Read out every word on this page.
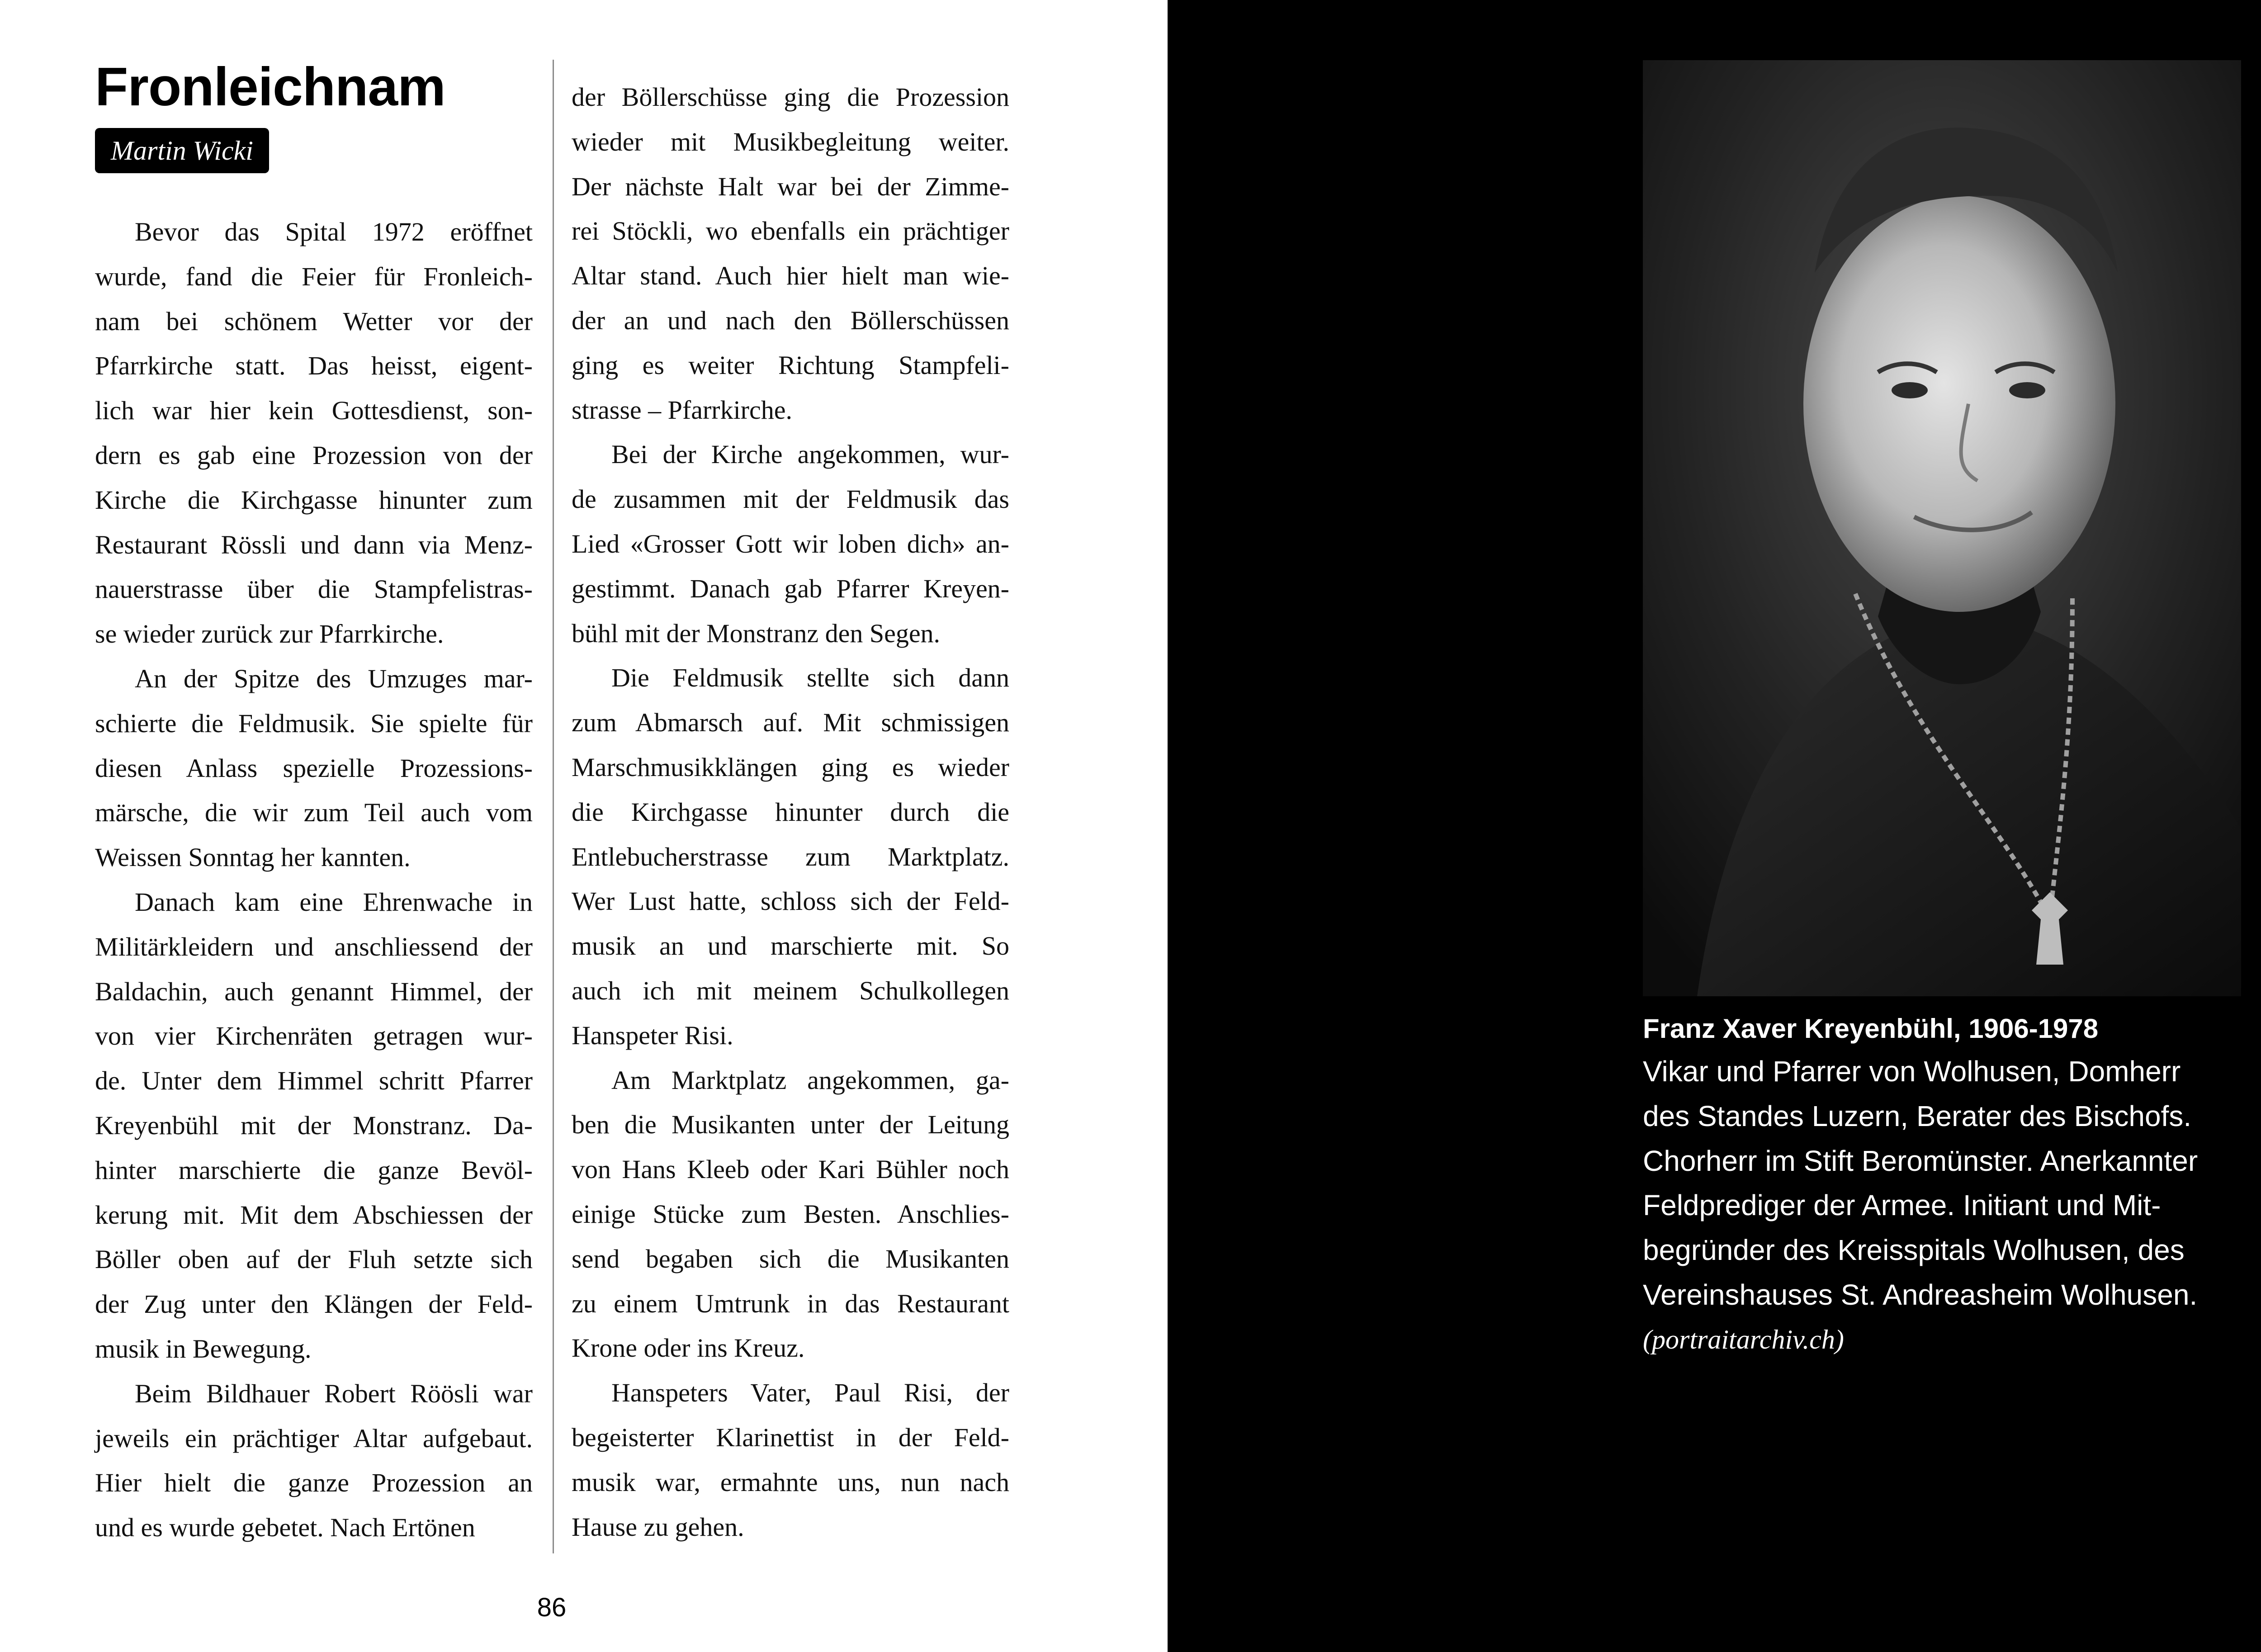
Fronleichnam
Martin Wicki

Bevor das Spital 1972 eröffnet
wurde, fand die Feier für Fronleich-
nam bei schönem Wetter vor der
Pfarrkirche statt. Das heisst, eigent-
lich war hier kein Gottesdienst, son-
dern es gab eine Prozession von der
Kirche die Kirchgasse hinunter zum
Restaurant Rössli und dann via Menz-
nauerstrasse über die Stampfelistras-
se wieder zurück zur Pfarrkirche.

An der Spitze des Umzuges mar-
schierte die Feldmusik. Sie spielte für
diesen Anlass spezielle Prozessions-
märsche, die wir zum Teil auch vom
Weissen Sonntag her kannten.

Danach kam eine Ehrenwache in
Militärkleidern und anschliessend der
Baldachin, auch genannt Himmel, der
von vier Kirchenräten getragen wur-
de. Unter dem Himmel schritt Pfarrer
Kreyenbühl mit der Monstranz. Da-
hinter marschierte die ganze Bevöl-
kerung mit. Mit dem Abschiessen der
Böller oben auf der Fluh setzte sich
der Zug unter den Klängen der Feld-
musik in Bewegung.

Beim Bildhauer Robert Röösli war
jeweils ein prächtiger Altar aufgebaut.
Hier hielt die ganze Prozession an
und es wurde gebetet. Nach Ertönen

der Böllerschüsse ging die Prozession
wieder mit Musikbegleitung weiter.
Der nächste Halt war bei der Zimme-
rei Stöckli, wo ebenfalls ein prächtiger
Altar stand. Auch hier hielt man wie-
der an und nach den Böllerschüssen
ging es weiter Richtung Stampfeli-
strasse – Pfarrkirche.

Bei der Kirche angekommen, wur-
de zusammen mit der Feldmusik das
Lied «Grosser Gott wir loben dich» an-
gestimmt. Danach gab Pfarrer Kreyen-
bühl mit der Monstranz den Segen.

Die Feldmusik stellte sich dann
zum Abmarsch auf. Mit schmissigen
Marschmusikklängen ging es wieder
die Kirchgasse hinunter durch die
Entlebucherstrasse zum Marktplatz.
Wer Lust hatte, schloss sich der Feld-
musik an und marschierte mit. So
auch ich mit meinem Schulkollegen
Hanspeter Risi.

Am Marktplatz angekommen, ga-
ben die Musikanten unter der Leitung
von Hans Kleeb oder Kari Bühler noch
einige Stücke zum Besten. Anschlies-
send begaben sich die Musikanten
zu einem Umtrunk in das Restaurant
Krone oder ins Kreuz.

Hanspeters Vater, Paul Risi, der
begeisterter Klarinettist in der Feld-
musik war, ermahnte uns, nun nach
Hause zu gehen.

86
Franz Xaver Kreyenbühl, 1906-1978
Vikar und Pfarrer von Wolhusen, Domherr
des Standes Luzern, Berater des Bischofs.
Chorherr im Stift Beromünster. Anerkannter
Feldprediger der Armee. Initiant und Mit-
begründer des Kreisspitals Wolhusen, des
Vereinshauses St. Andreasheim Wolhusen.
(portraitarchiv.ch)
